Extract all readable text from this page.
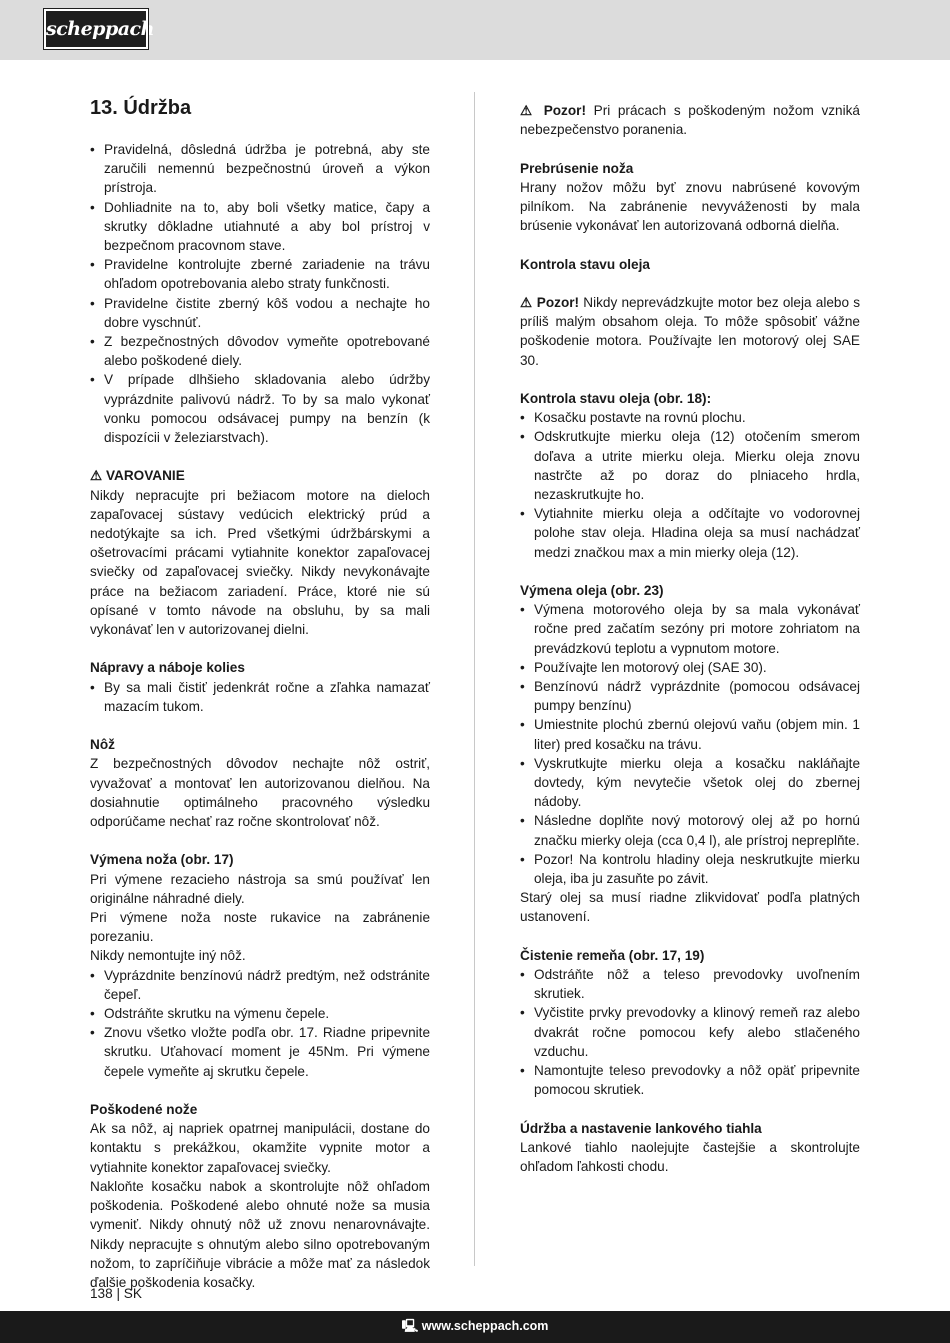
scheppach
13. Údržba
• Pravidelná, dôsledná údržba je potrebná, aby ste zaručili nemennú bezpečnostnú úroveň a výkon prístroja.
• Dohliadnite na to, aby boli všetky matice, čapy a skrutky dôkladne utiahnuté a aby bol prístroj v bezpečnom pracovnom stave.
• Pravidelne kontrolujte zberné zariadenie na trávu ohľadom opotrebovania alebo straty funkčnosti.
• Pravidelne čistite zberný kôš vodou a nechajte ho dobre vyschnúť.
• Z bezpečnostných dôvodov vymeňte opotrebované alebo poškodené diely.
• V prípade dlhšieho skladovania alebo údržby vyprázdnite palivovú nádrž. To by sa malo vykonať vonku pomocou odsávacej pumpy na benzín (k dispozícii v železiarstvach).

⚠ VAROVANIE

Nikdy nepracujte pri bežiacom motore na dieloch zapaľovacej sústavy vedúcich elektrický prúd a nedotýkajte sa ich. Pred všetkými údržbárskymi a ošetrovacími prácami vytiahnite konektor zapaľovacej sviečky od zapaľovacej sviečky. Nikdy nevykonávajte práce na bežiacom zariadení. Práce, ktoré nie sú opísané v tomto návode na obsluhu, by sa mali vykonávať len v autorizovanej dielni.

Nápravy a náboje kolies

• By sa mali čistiť jedenkrát ročne a zľahka namazať mazacím tukom.

Nôž

Z bezpečnostných dôvodov nechajte nôž ostriť, vyvažovať a montovať len autorizovanou dielňou. Na dosiahnutie optimálneho pracovného výsledku odporúčame nechať raz ročne skontrolovať nôž.

Výmena noža (obr. 17)

Pri výmene rezacieho nástroja sa smú používať len originálne náhradné diely.

Pri výmene noža noste rukavice na zabránenie porezaniu.

Nikdy nemontujte iný nôž.

• Vyprázdnite benzínovú nádrž predtým, než odstránite čepeľ.
• Odstráňte skrutku na výmenu čepele.
• Znovu všetko vložte podľa obr. 17. Riadne pripevnite skrutku. Uťahovací moment je 45Nm. Pri výmene čepele vymeňte aj skrutku čepele.

Poškodené nože

Ak sa nôž, aj napriek opatrnej manipulácii, dostane do kontaktu s prekážkou, okamžite vypnite motor a vytiahnite konektor zapaľovacej sviečky.

Nakloňte kosačku nabok a skontrolujte nôž ohľadom poškodenia. Poškodené alebo ohnuté nože sa musia vymeniť. Nikdy ohnutý nôž už znovu nenarovnávajte. Nikdy nepracujte s ohnutým alebo silno opotrebovaným nožom, to zapríčiňuje vibrácie a môže mať za následok ďalšie poškodenia kosačky.

⚠ Pozor! Pri prácach s poškodeným nožom vzniká nebezpečenstvo poranenia.

Prebrúsenie noža

Hrany nožov môžu byť znovu nabrúsené kovovým pilníkom. Na zabránenie nevyváženosti by mala brúsenie vykonávať len autorizovaná odborná dielňa.

Kontrola stavu oleja

⚠ Pozor! Nikdy neprevádzkujte motor bez oleja alebo s príliš malým obsahom oleja. To môže spôsobiť vážne poškodenie motora. Používajte len motorový olej SAE 30.

Kontrola stavu oleja (obr. 18):

• Kosačku postavte na rovnú plochu.
• Odskrutkujte mierku oleja (12) otočením smerom doľava a utrite mierku oleja. Mierku oleja znovu nastrčte až po doraz do plniaceho hrdla, nezaskrutkujte ho.
• Vytiahnite mierku oleja a odčítajte vo vodorovnej polohe stav oleja. Hladina oleja sa musí nachádzať medzi značkou max a min mierky oleja (12).

Výmena oleja (obr. 23)

• Výmena motorového oleja by sa mala vykonávať ročne pred začatím sezóny pri motore zohriatom na prevádzkovú teplotu a vypnutom motore.
• Používajte len motorový olej (SAE 30).
• Benzínovú nádrž vyprázdnite (pomocou odsávacej pumpy benzínu)
• Umiestnite plochú zbernú olejovú vaňu (objem min. 1 liter) pred kosačku na trávu.
• Vyskrutkujte mierku oleja a kosačku nakláňajte dovtedy, kým nevytečie všetok olej do zbernej nádoby.
• Následne doplňte nový motorový olej až po hornú značku mierky oleja (cca 0,4 l), ale prístroj nepreplňte.
• Pozor! Na kontrolu hladiny oleja neskrutkujte mierku oleja, iba ju zasuňte po závit.

Starý olej sa musí riadne zlikvidovať podľa platných ustanovení.

Čistenie remeňa (obr. 17, 19)

• Odstráňte nôž a teleso prevodovky uvoľnením skrutiek.
• Vyčistite prvky prevodovky a klinový remeň raz alebo dvakrát ročne pomocou kefy alebo stlačeného vzduchu.
• Namontujte teleso prevodovky a nôž opäť pripevnite pomocou skrutiek.

Údržba a nastavenie lankového tiahla

Lankové tiahlo naolejujte častejšie a skontrolujte ohľadom ľahkosti chodu.

138 | SK
🖳 www.scheppach.com
